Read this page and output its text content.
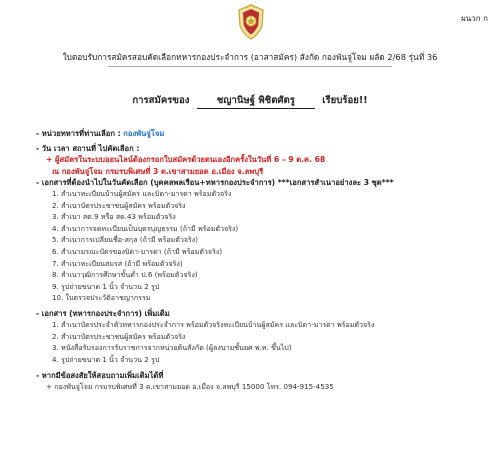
ผนวก ก
ใบตอบรับการสมัครสอบคัดเลือกทหารกองประจำการ (อาสาสมัคร) สังกัด กองพันจู่โจม ผลัด 2/68 รุ่นที่ 36
การสมัครของ	ชญานิษฐ์ พิชิตศัตรู	เรียบร้อย!!
- หน่วยทหารที่ท่านเลือก : กองพันจู่โจม
- วัน เวลา สถานที่ ไปคัดเลือก :
+ ผู้สมัครในระบบออนไลน์ต้องกรอกใบสมัครด้วยตนเองอีกครั้งในวันที่ 6 – 9 ต.ค. 68
ณ กองพันจู่โจม กรมรบพิเศษที่ 3 ต.เขาสามยอด อ.เมือง จ.ลพบุรี
- เอกสารที่ต้องนำไปในวันคัดเลือก (บุคคลพลเรือน+ทหารกองประจำการ) ***เอกสารสำเนาอย่างละ 3 ชุด***
1. สำเนาทะเบียนบ้านผู้สมัคร และบิดา-มารดา พร้อมตัวจริง
2. สำเนาบัตรประชาชนผู้สมัคร พร้อมตัวจริง
3. สำเนา สด.9 หรือ สด.43 พร้อมตัวจริง
4. สำเนาการจดทะเบียนเป็นบุตรบุญธรรม (ถ้ามี พร้อมตัวจริง)
5. สำเนาการเปลี่ยนชื่อ-สกุล (ถ้ามี พร้อมตัวจริง)
6. สำเนามรณะบัตรของบิดา-มารดา (ถ้ามี พร้อมตัวจริง)
7. สำเนาทะเบียนสมรส (ถ้ามี พร้อมตัวจริง)
8. สำเนาวุฒิการศึกษาขั้นต่ำ ป.6 (พร้อมตัวจริง)
9. รูปถ่ายขนาด 1 นิ้ว จำนวน 2 รูป
10. ใบตรวจประวัติอาชญากรรม
- เอกสาร (ทหารกองประจำการ) เพิ่มเติม
1. สำเนาบัตรประจำตัวทหารกองประจำการ พร้อมตัวจริงทะเบียนบ้านผู้สมัคร และบิดา-มารดา พร้อมตัวจริง
2. สำเนาบัตรประชาชนผู้สมัคร พร้อมตัวจริง
3. หนังสือรับรองการรับราชการจากหน่วยต้นสังกัด (ผู้ลงนามชั้นยศ พ.ท. ขึ้นไป)
4. รูปถ่ายขนาด 1 นิ้ว จำนวน 2 รูป
- หากมีข้อสงสัยให้สอบถามเพิ่มเติมได้ที่
+ กองพันจู่โจม กรมรบพิเศษที่ 3 ต.เขาสามยอด อ.เมือง จ.ลพบุรี 15000 โทร. 094-915-4535
